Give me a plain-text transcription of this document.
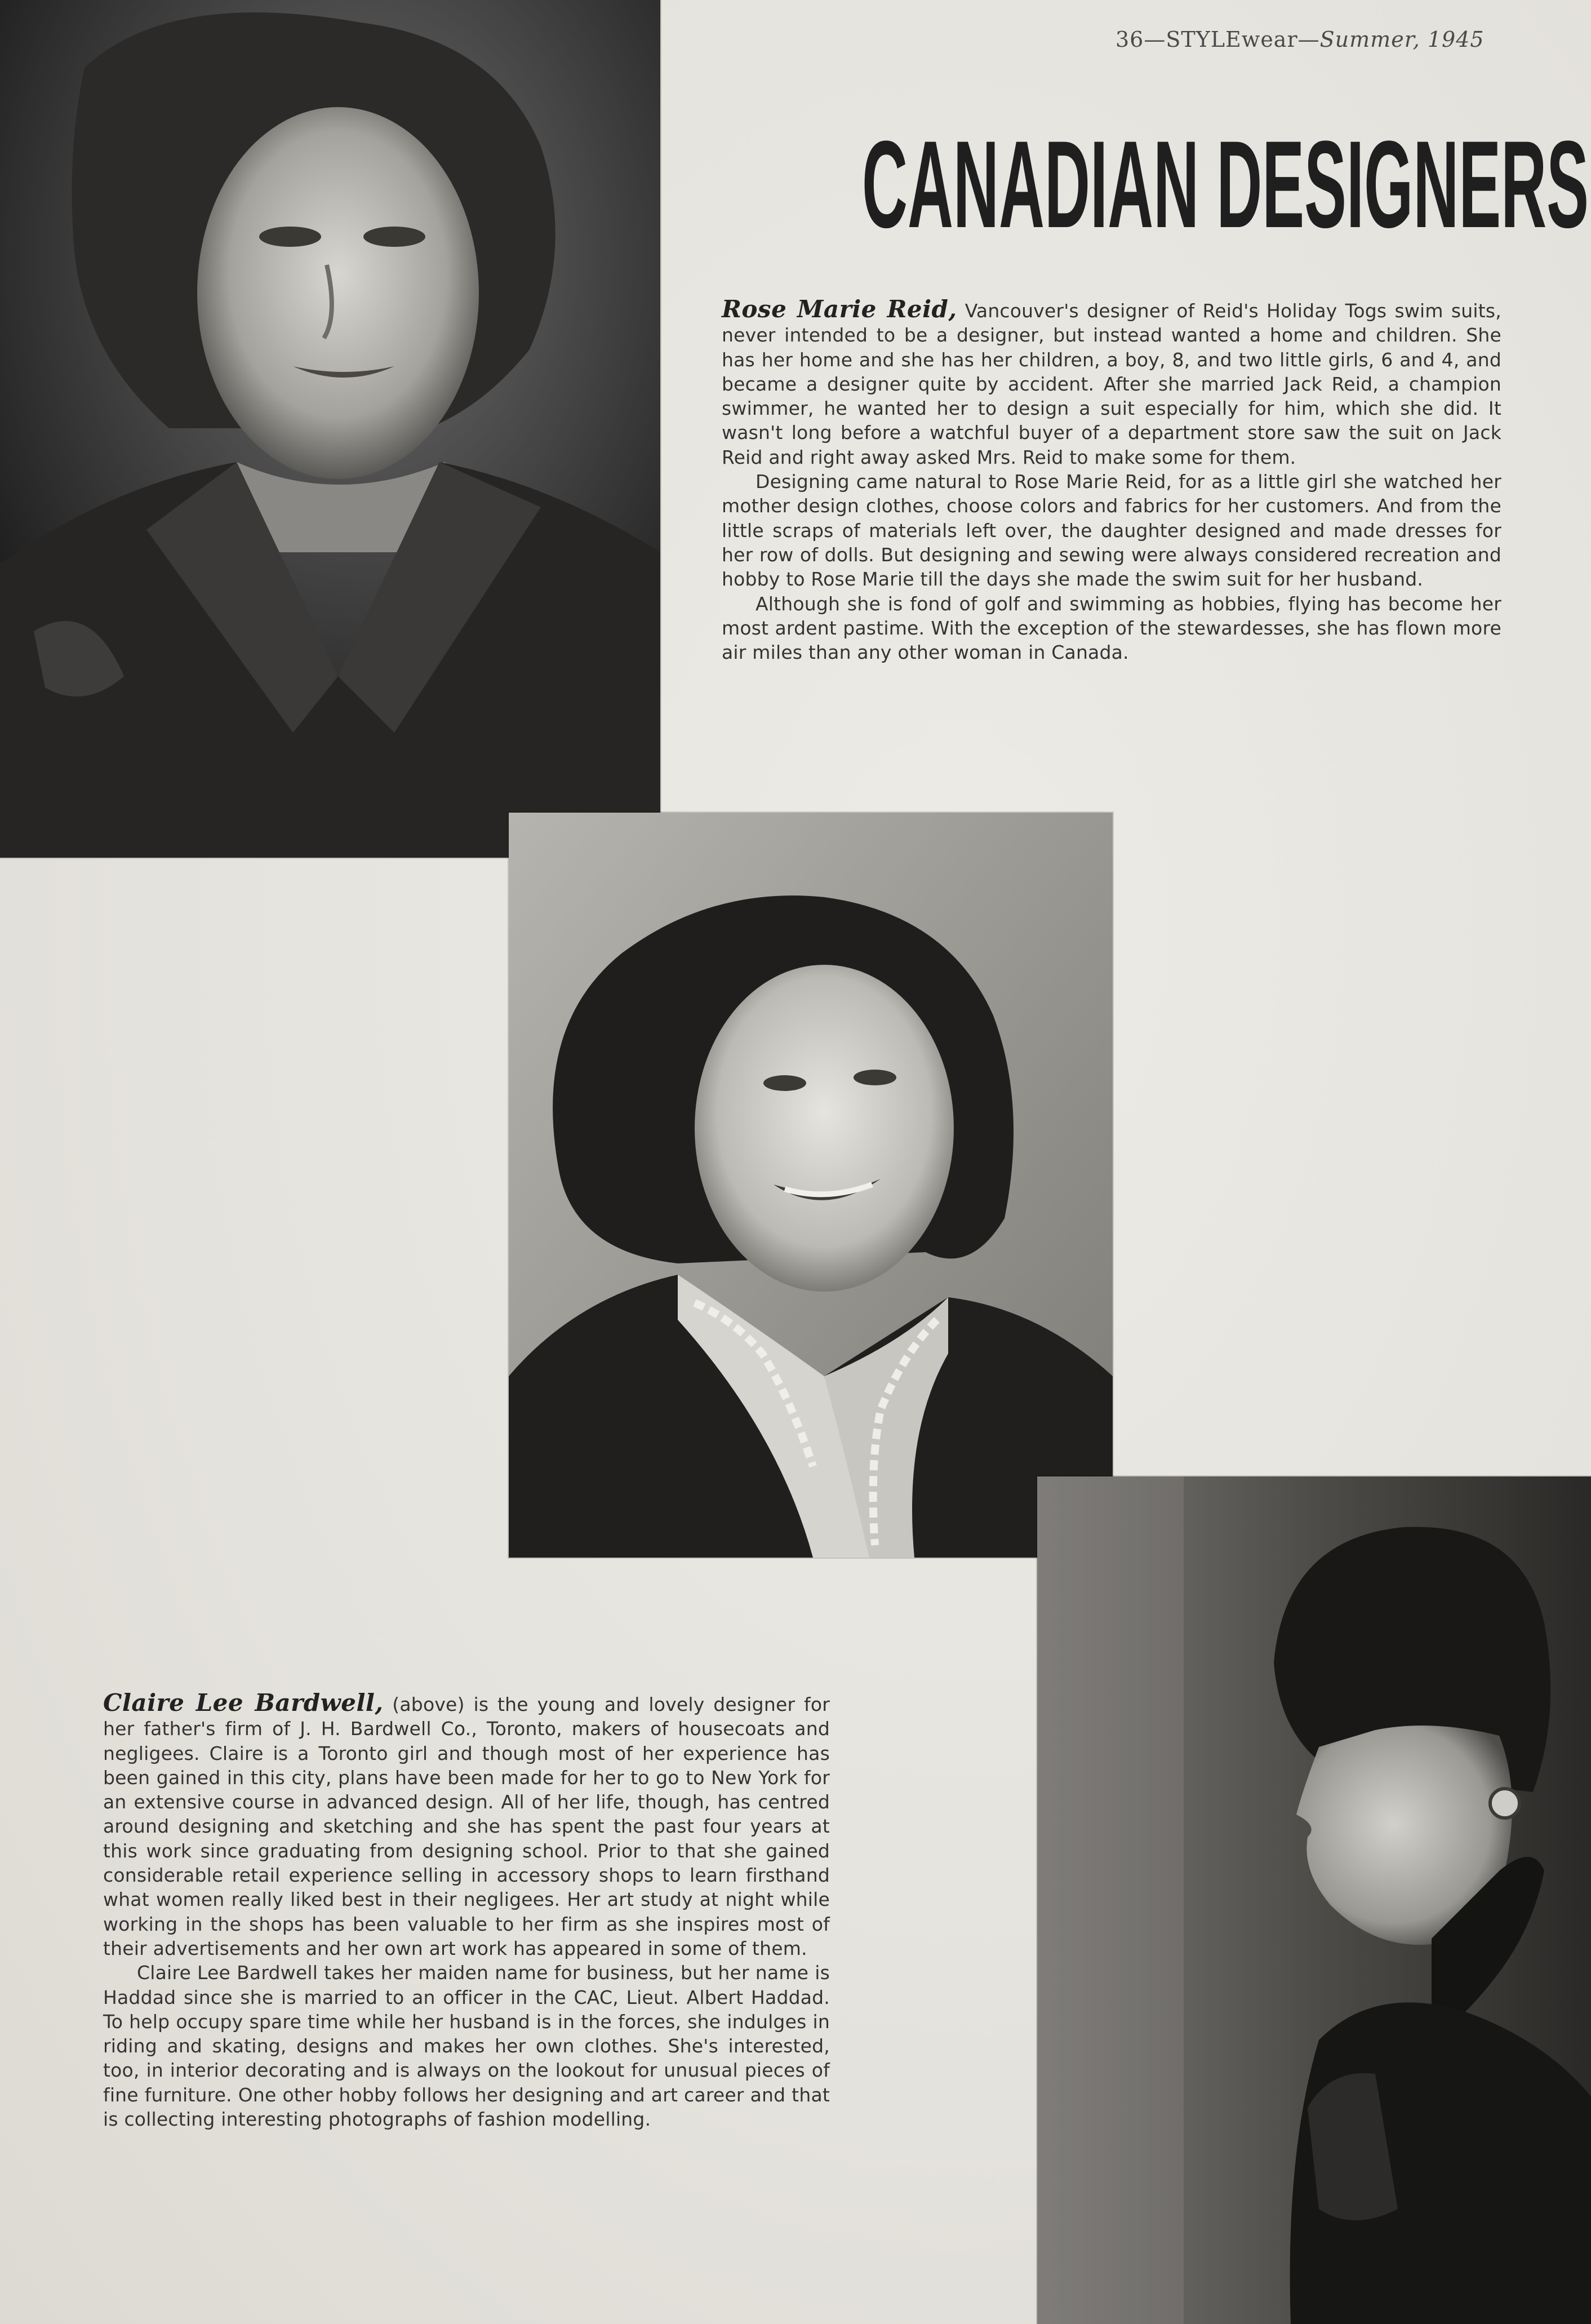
36—STYLEwear—Summer, 1945
CANADIAN DESIGNERS

Rose Marie Reid, Vancouver's designer of Reid's Holiday Togs swim suits, never intended to be a designer, but instead wanted a home and children. She has her home and she has her children, a boy, 8, and two little girls, 6 and 4, and became a designer quite by accident. After she married Jack Reid, a champion swimmer, he wanted her to design a suit especially for him, which she did. It wasn't long before a watchful buyer of a department store saw the suit on Jack Reid and right away asked Mrs. Reid to make some for them.

Designing came natural to Rose Marie Reid, for as a little girl she watched her mother design clothes, choose colors and fabrics for her customers. And from the little scraps of materials left over, the daughter designed and made dresses for her row of dolls. But designing and sewing were always considered recreation and hobby to Rose Marie till the days she made the swim suit for her husband.

Although she is fond of golf and swimming as hobbies, flying has become her most ardent pastime. With the exception of the stewardesses, she has flown more air miles than any other woman in Canada.

Claire Lee Bardwell, (above) is the young and lovely designer for her father's firm of J. H. Bardwell Co., Toronto, makers of housecoats and negligees. Claire is a Toronto girl and though most of her experience has been gained in this city, plans have been made for her to go to New York for an extensive course in advanced design. All of her life, though, has centred around designing and sketching and she has spent the past four years at this work since graduating from designing school. Prior to that she gained considerable retail experience selling in accessory shops to learn firsthand what women really liked best in their negligees. Her art study at night while working in the shops has been valuable to her firm as she inspires most of their advertisements and her own art work has appeared in some of them.

Claire Lee Bardwell takes her maiden name for business, but her name is Haddad since she is married to an officer in the CAC, Lieut. Albert Haddad. To help occupy spare time while her husband is in the forces, she indulges in riding and skating, designs and makes her own clothes. She's interested, too, in interior decorating and is always on the lookout for unusual pieces of fine furniture. One other hobby follows her designing and art career and that is collecting interesting photographs of fashion modelling.
